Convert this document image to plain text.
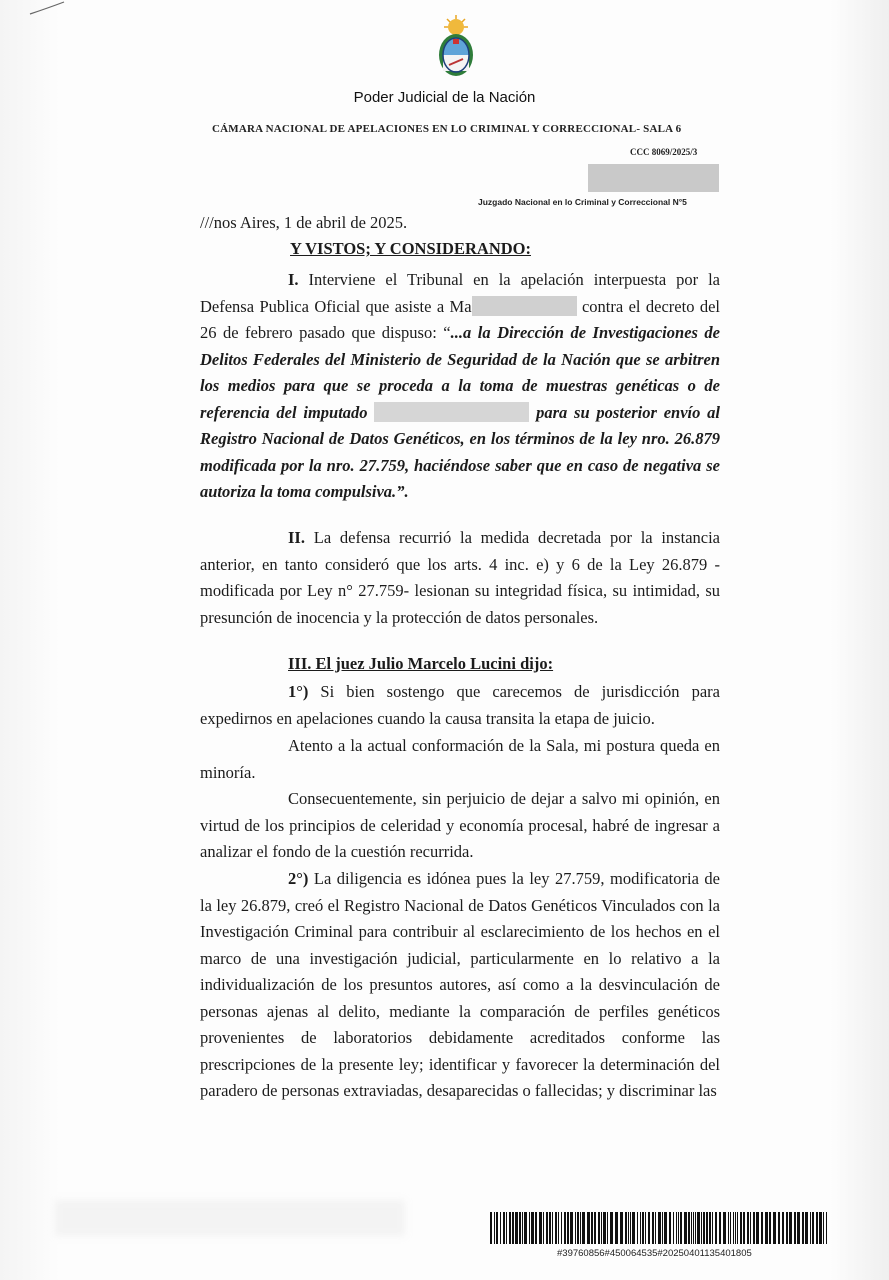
Poder Judicial de la Nación
CÁMARA NACIONAL DE APELACIONES EN LO CRIMINAL Y CORRECCIONAL- SALA 6
CCC 8069/2025/3
Juzgado Nacional en lo Criminal y Correccional N°5
///nos Aires, 1 de abril de 2025.
Y VISTOS; Y CONSIDERANDO:

I. Interviene el Tribunal en la apelación interpuesta por la Defensa Publica Oficial que asiste a Ma	contra el decreto del 26 de febrero pasado que dispuso: “...a la Dirección de Investigaciones de Delitos Federales del Ministerio de Seguridad de la Nación que se arbitren los medios para que se proceda a la toma de muestras genéticas o de referencia del imputado	para su posterior envío al Registro Nacional de Datos Genéticos, en los términos de la ley nro. 26.879 modificada por la nro. 27.759, haciéndose saber que en caso de negativa se autoriza la toma compulsiva.”.

II. La defensa recurrió la medida decretada por la instancia anterior, en tanto consideró que los arts. 4 inc. e) y 6 de la Ley 26.879 -modificada por Ley n° 27.759- lesionan su integridad física, su intimidad, su presunción de inocencia y la protección de datos personales.

III. El juez Julio Marcelo Lucini dijo:

1°) Si bien sostengo que carecemos de jurisdicción para expedirnos en apelaciones cuando la causa transita la etapa de juicio.

Atento a la actual conformación de la Sala, mi postura queda en minoría.

Consecuentemente, sin perjuicio de dejar a salvo mi opinión, en virtud de los principios de celeridad y economía procesal, habré de ingresar a analizar el fondo de la cuestión recurrida.

2°) La diligencia es idónea pues la ley 27.759, modificatoria de la ley 26.879, creó el Registro Nacional de Datos Genéticos Vinculados con la Investigación Criminal para contribuir al esclarecimiento de los hechos en el marco de una investigación judicial, particularmente en lo relativo a la individualización de los presuntos autores, así como a la desvinculación de personas ajenas al delito, mediante la comparación de perfiles genéticos provenientes de laboratorios debidamente acreditados conforme las prescripciones de la presente ley; identificar y favorecer la determinación del paradero de personas extraviadas, desaparecidas o fallecidas; y discriminar las

#39760856#450064535#20250401135401805
